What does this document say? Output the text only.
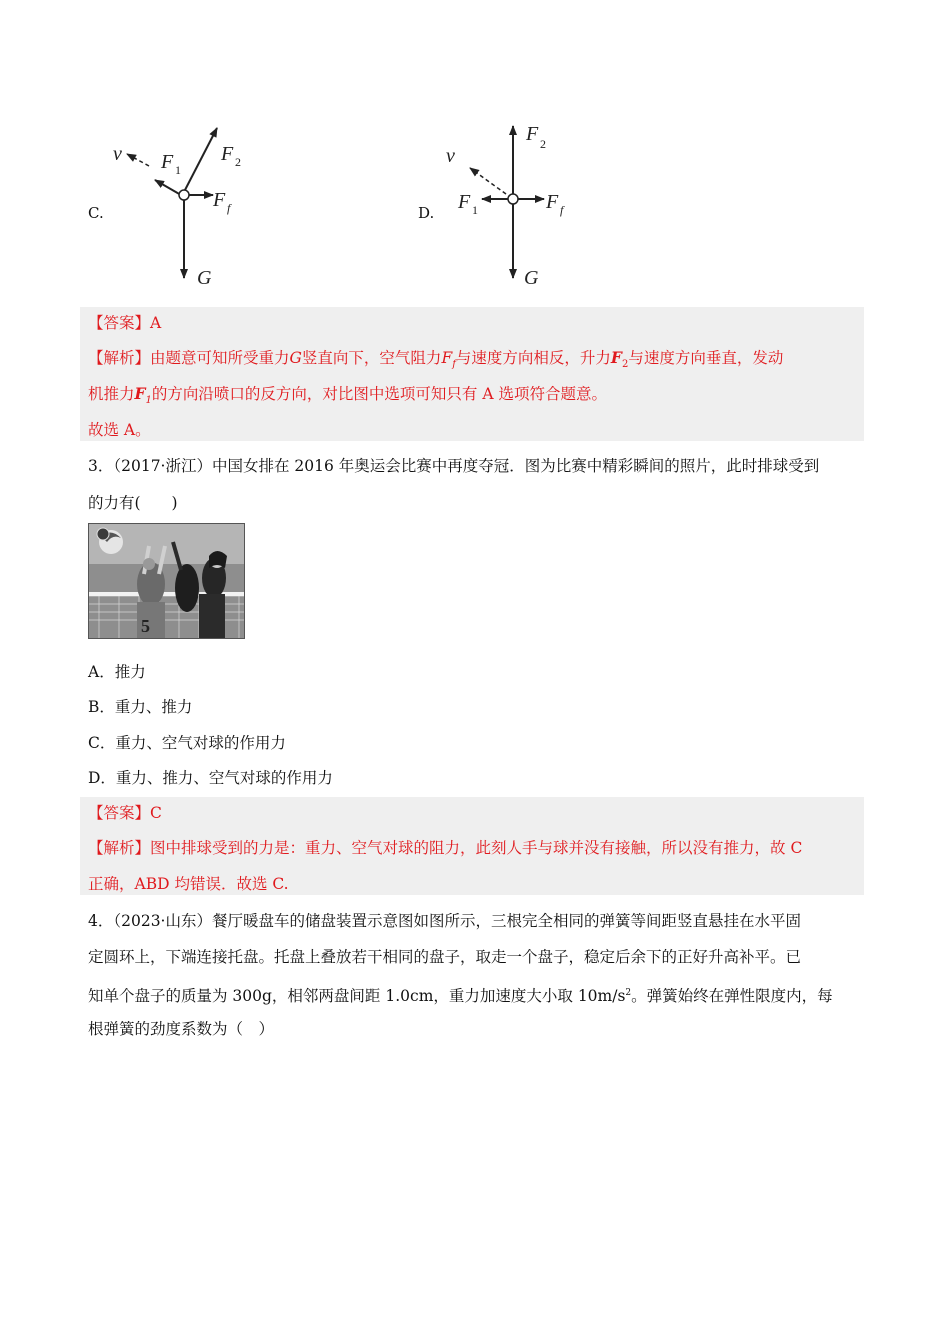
C.
v F 1
F 2
F f
G
D.
v
F 2
F 1	F f
G
【答案】A
【解析】由题意可知所受重力G竖直向下，空气阻力$F_f$与速度方向相反，升力$F_2$与速度方向垂直，发动
机推力$F_1$的方向沿喷口的反方向，对比图中选项可知只有 A 选项符合题意。
故选 A。
3．（2017·浙江）中国女排在 2016 年奥运会比赛中再度夺冠．图为比赛中精彩瞬间的照片，此时排球受到
的力有(　　)
5
A．推力
B．重力、推力
C．重力、空气对球的作用力
D．重力、推力、空气对球的作用力
【答案】C
【解析】图中排球受到的力是：重力、空气对球的阻力，此刻人手与球并没有接触，所以没有推力，故 C
正确，ABD 均错误．故选 C.
4．（2023·山东）餐厅暖盘车的储盘装置示意图如图所示，三根完全相同的弹簧等间距竖直悬挂在水平固
定圆环上，下端连接托盘。托盘上叠放若干相同的盘子，取走一个盘子，稳定后余下的正好升高补平。已
知单个盘子的质量为 300g，相邻两盘间距 1.0cm，重力加速度大小取 $10m/s^2$。弹簧始终在弹性限度内，每
根弹簧的劲度系数为（　）
